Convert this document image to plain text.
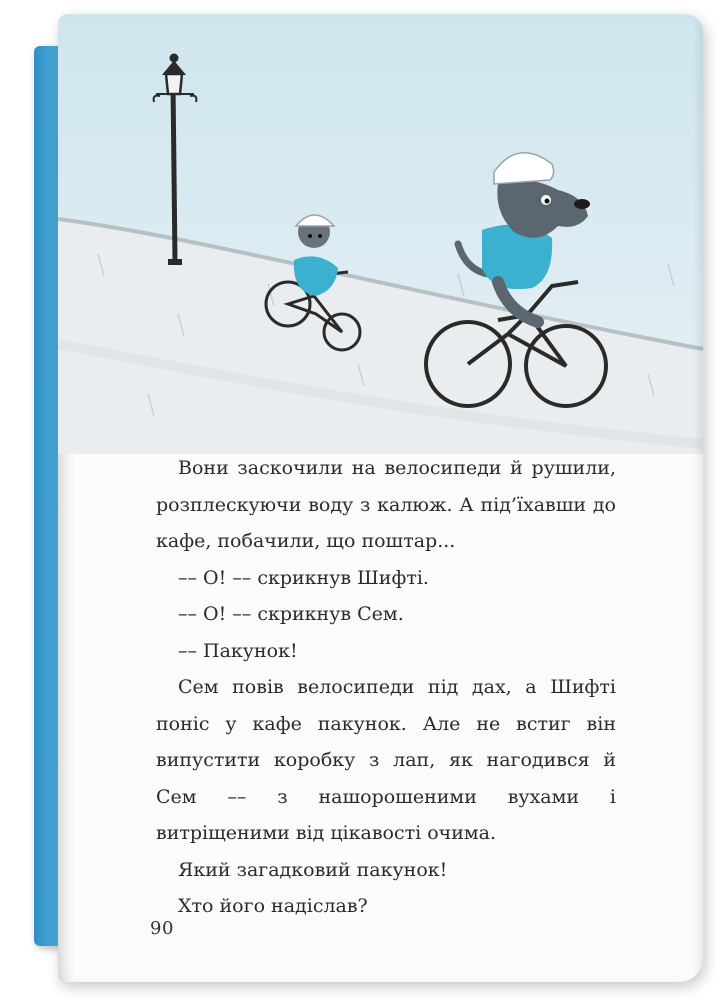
Вони заскочили на велосипеди й рушили, розплескуючи воду з калюж. А під’їхавши до кафе, побачили, що поштар...

–– О! –– скрикнув Шифті.

–– О! –– скрикнув Сем.

–– Пакунок!

Сем повів велосипеди під дах, а Шифті поніс у кафе пакунок. Але не встиг він випустити коробку з лап, як нагодився й Сем –– з нашорошеними вухами і витріщеними від цікавості очима.

Який загадковий пакунок!

Хто його надіслав?

90
